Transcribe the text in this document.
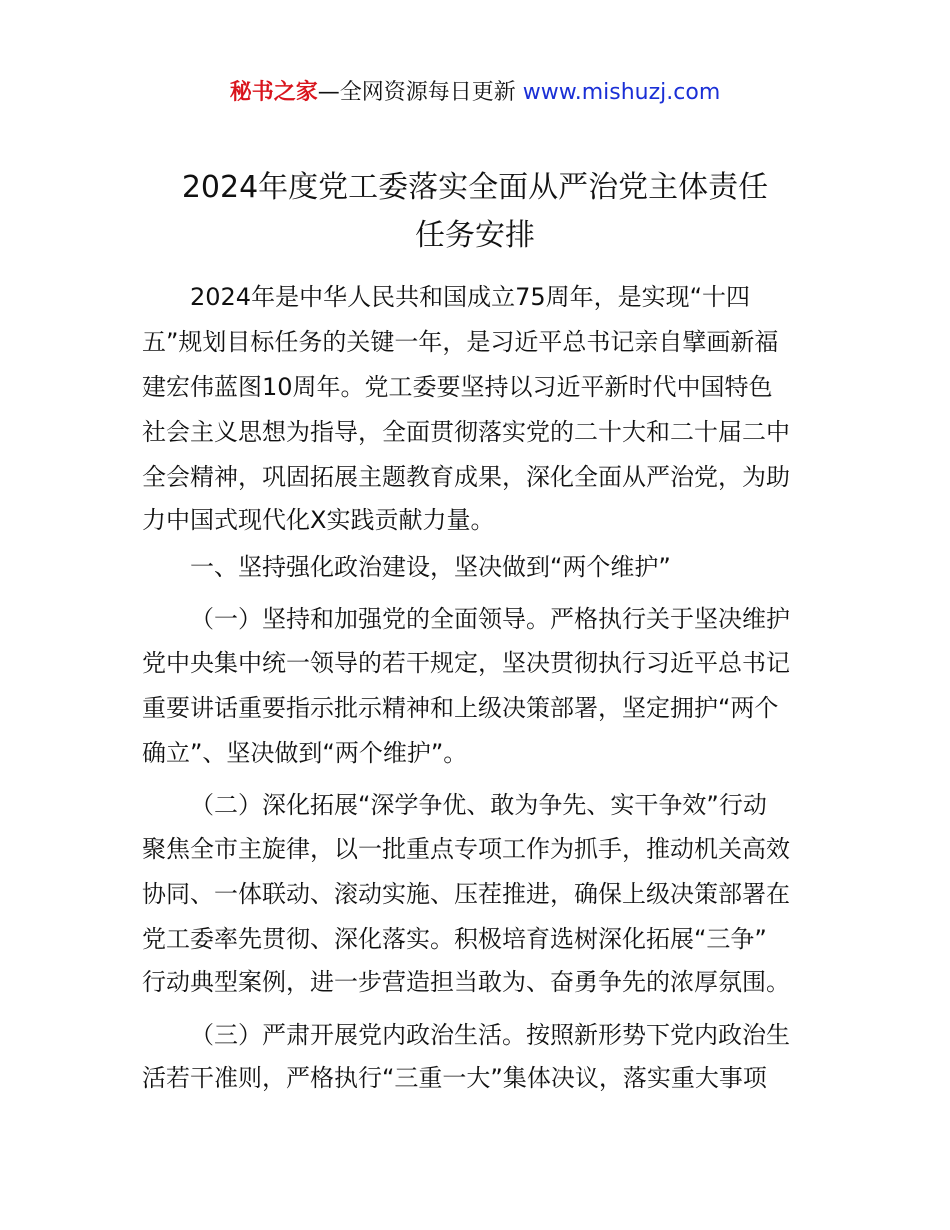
秘书之家—全网资源每日更新 www.mishuzj.com
2024年度党工委落实全面从严治党主体责任
任务安排
2024年是中华人民共和国成立75周年，是实现“十四
五”规划目标任务的关键一年，是习近平总书记亲自擘画新福
建宏伟蓝图10周年。党工委要坚持以习近平新时代中国特色
社会主义思想为指导，全面贯彻落实党的二十大和二十届二中
全会精神，巩固拓展主题教育成果，深化全面从严治党，为助
力中国式现代化X实践贡献力量。
一、坚持强化政治建设，坚决做到“两个维护”
（一）坚持和加强党的全面领导。严格执行关于坚决维护
党中央集中统一领导的若干规定，坚决贯彻执行习近平总书记
重要讲话重要指示批示精神和上级决策部署，坚定拥护“两个
确立”、坚决做到“两个维护”。
（二）深化拓展“深学争优、敢为争先、实干争效”行动
聚焦全市主旋律，以一批重点专项工作为抓手，推动机关高效
协同、一体联动、滚动实施、压茬推进，确保上级决策部署在
党工委率先贯彻、深化落实。积极培育选树深化拓展“三争”
行动典型案例，进一步营造担当敢为、奋勇争先的浓厚氛围。
（三）严肃开展党内政治生活。按照新形势下党内政治生
活若干准则，严格执行“三重一大”集体决议，落实重大事项
